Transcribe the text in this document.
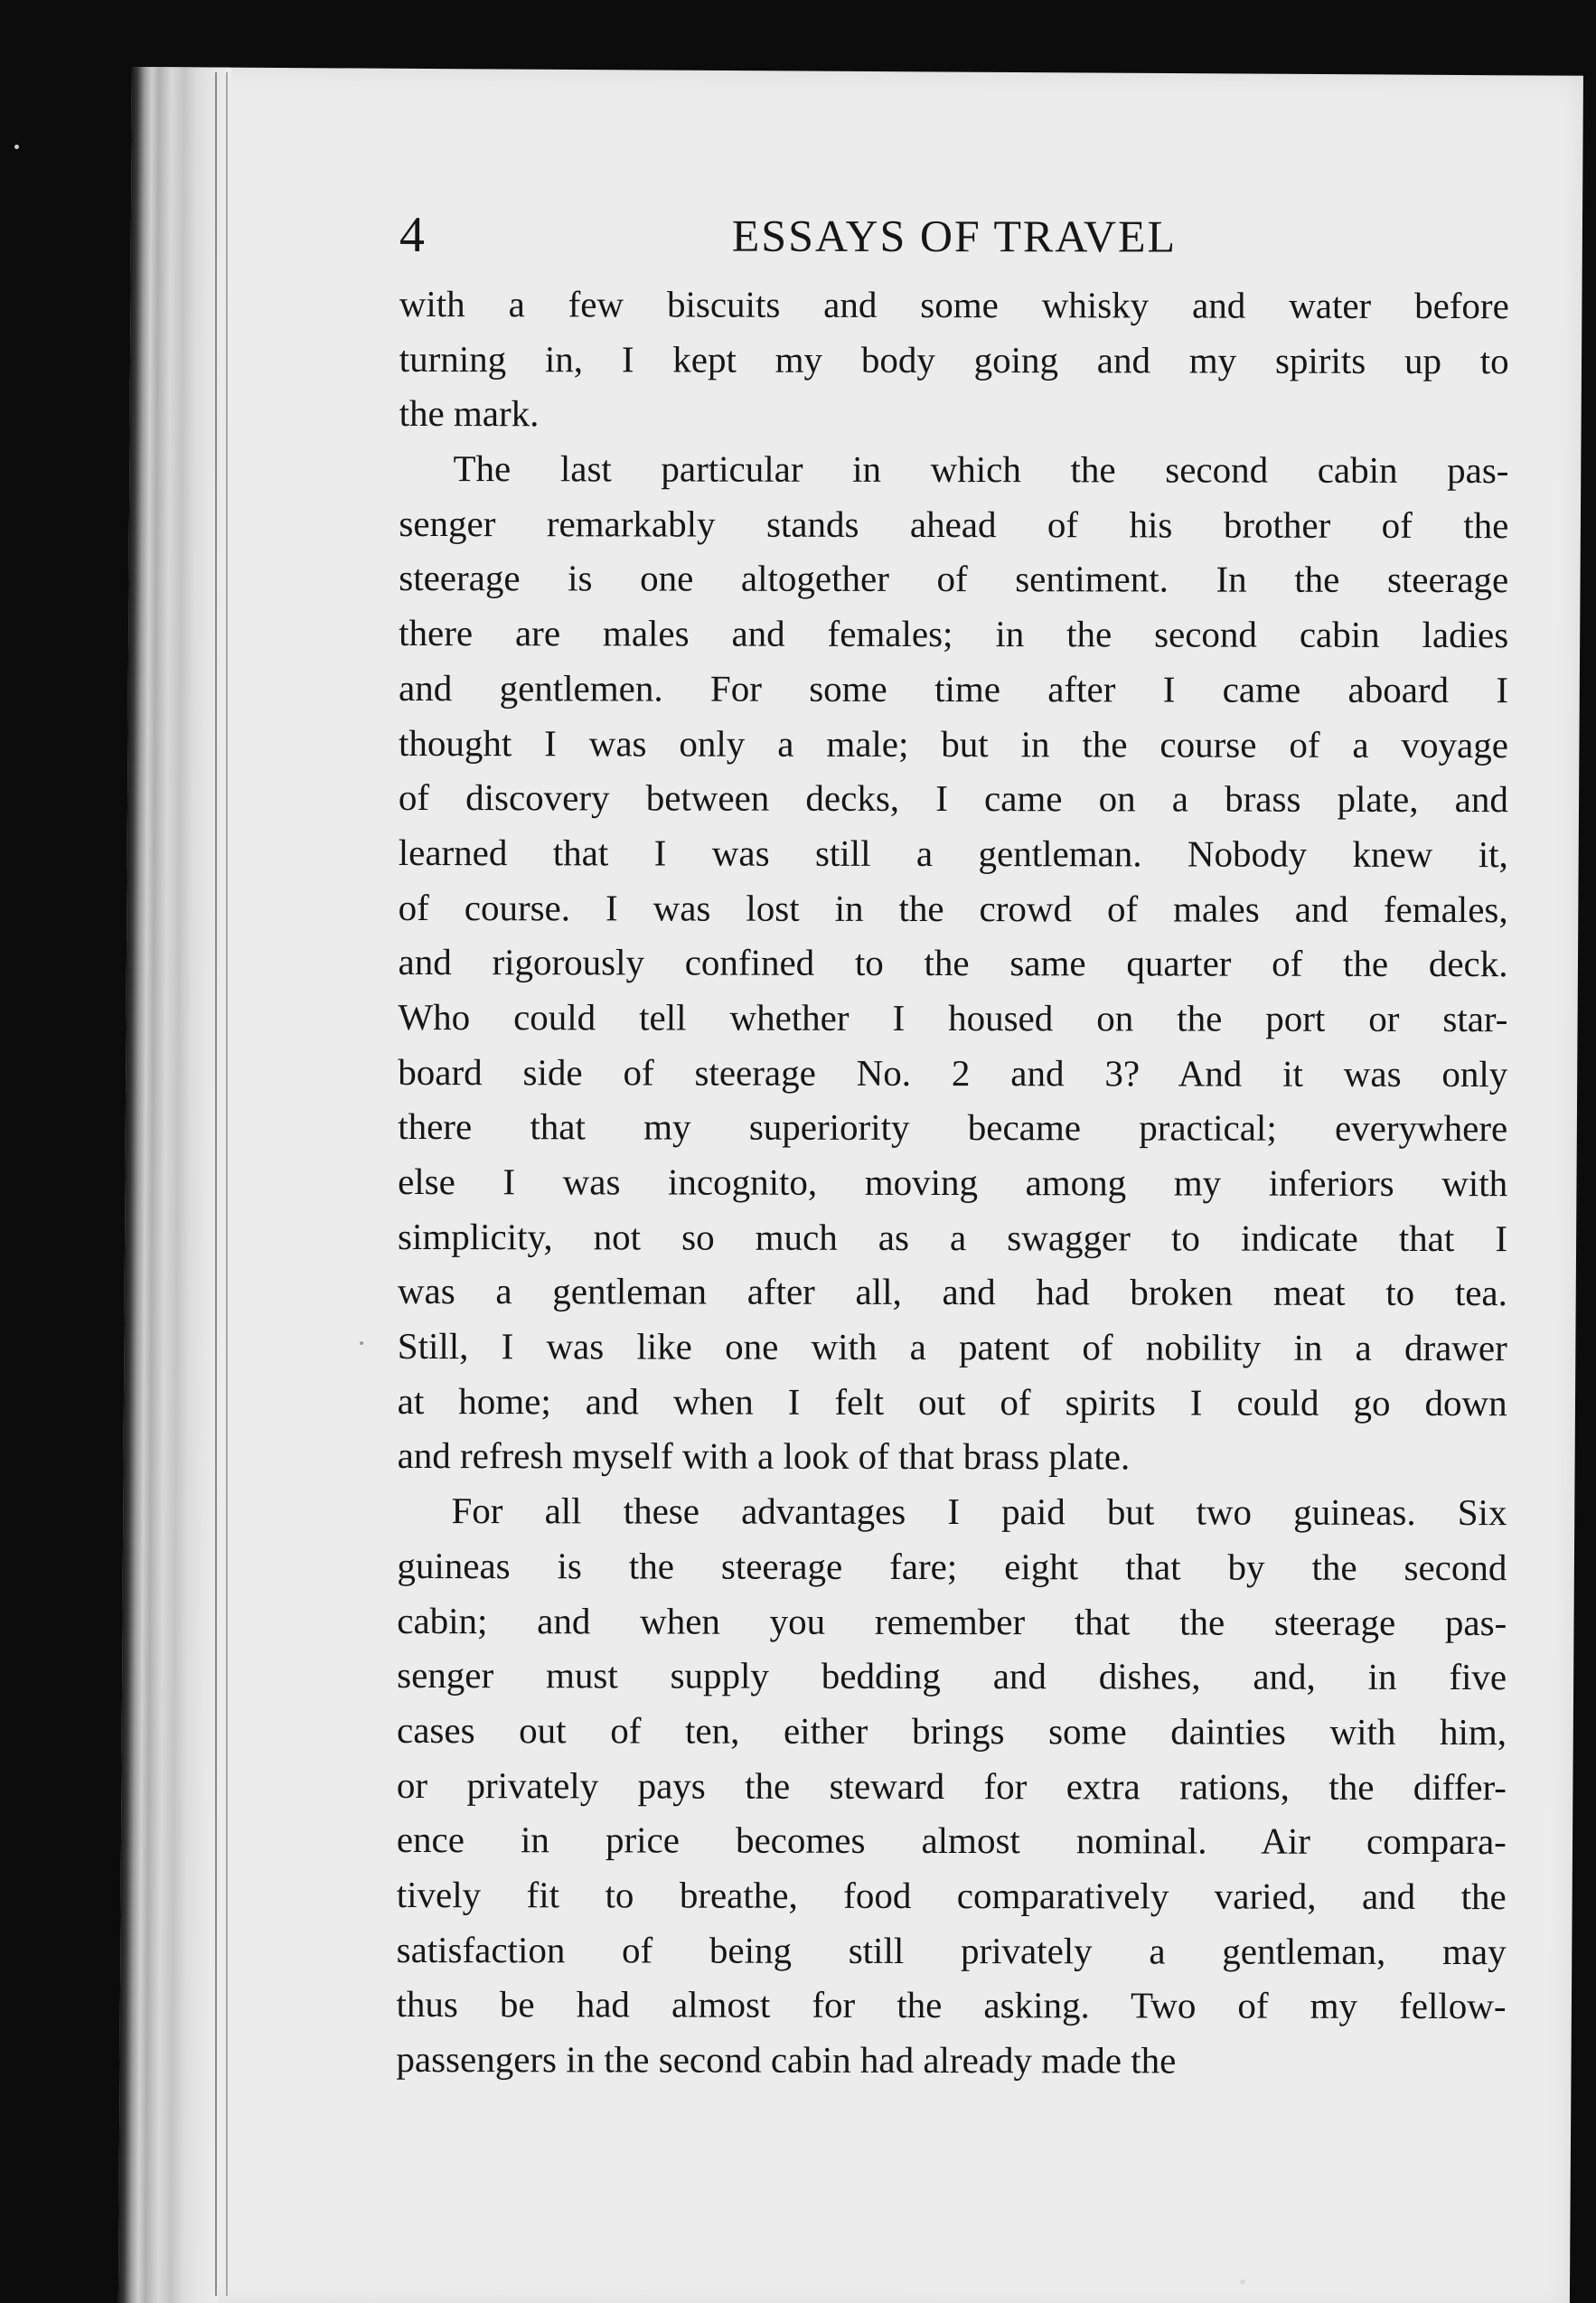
4	ESSAYS OF TRAVEL
with a few biscuits and some whisky and water before
turning in, I kept my body going and my spirits up to
the mark.
The last particular in which the second cabin pas-
senger remarkably stands ahead of his brother of the
steerage is one altogether of sentiment. In the steerage
there are males and females; in the second cabin ladies
and gentlemen. For some time after I came aboard I
thought I was only a male; but in the course of a voyage
of discovery between decks, I came on a brass plate, and
learned that I was still a gentleman. Nobody knew it,
of course. I was lost in the crowd of males and females,
and rigorously confined to the same quarter of the deck.
Who could tell whether I housed on the port or star-
board side of steerage No. 2 and 3? And it was only
there that my superiority became practical; everywhere
else I was incognito, moving among my inferiors with
simplicity, not so much as a swagger to indicate that I
was a gentleman after all, and had broken meat to tea.
Still, I was like one with a patent of nobility in a drawer
at home; and when I felt out of spirits I could go down
and refresh myself with a look of that brass plate.
For all these advantages I paid but two guineas. Six
guineas is the steerage fare; eight that by the second
cabin; and when you remember that the steerage pas-
senger must supply bedding and dishes, and, in five
cases out of ten, either brings some dainties with him,
or privately pays the steward for extra rations, the differ-
ence in price becomes almost nominal. Air compara-
tively fit to breathe, food comparatively varied, and the
satisfaction of being still privately a gentleman, may
thus be had almost for the asking. Two of my fellow-
passengers in the second cabin had already made the
